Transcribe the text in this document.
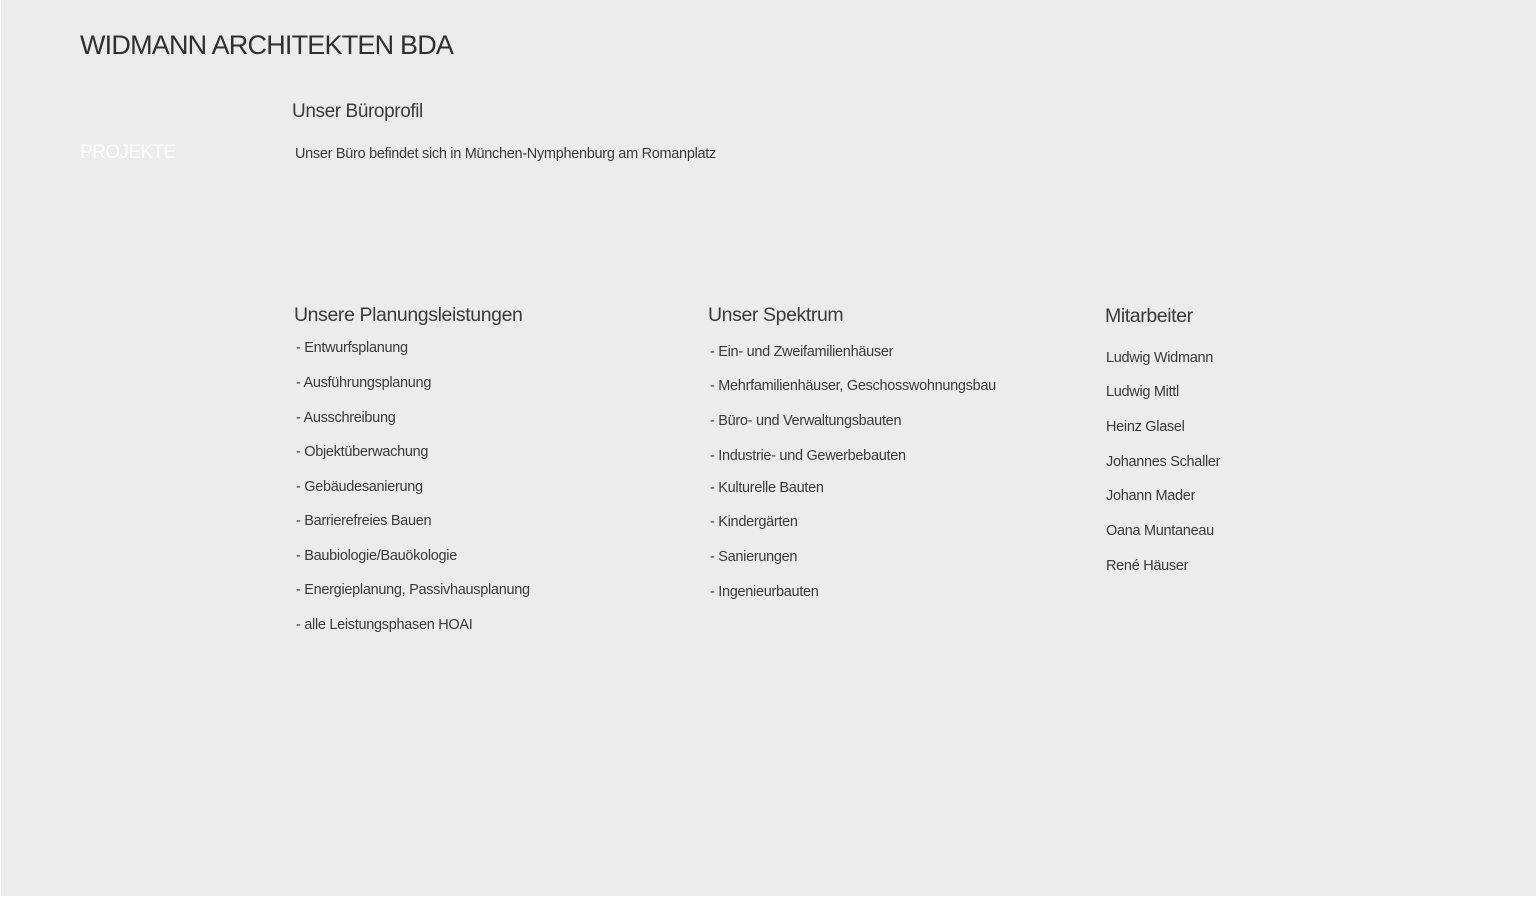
WIDMANN ARCHITEKTEN BDA
PROJEKTE
Unser Büroprofil

Unser Büro befindet sich in München-Nymphenburg am Romanplatz

Unsere Planungsleistungen
- Entwurfsplanung
- Ausführungsplanung
- Ausschreibung
- Objektüberwachung
- Gebäudesanierung
- Barrierefreies Bauen
- Baubiologie/Bauökologie
- Energieplanung, Passivhausplanung
- alle Leistungsphasen HOAI
Unser Spektrum
- Ein- und Zweifamilienhäuser
- Mehrfamilienhäuser, Geschosswohnungsbau
- Büro- und Verwaltungsbauten
- Industrie- und Gewerbebauten
- Kulturelle Bauten
- Kindergärten
- Sanierungen
- Ingenieurbauten
Mitarbeiter
Ludwig Widmann
Ludwig Mittl
Heinz Glasel
Johannes Schaller
Johann Mader
Oana Muntaneau
René Häuser
